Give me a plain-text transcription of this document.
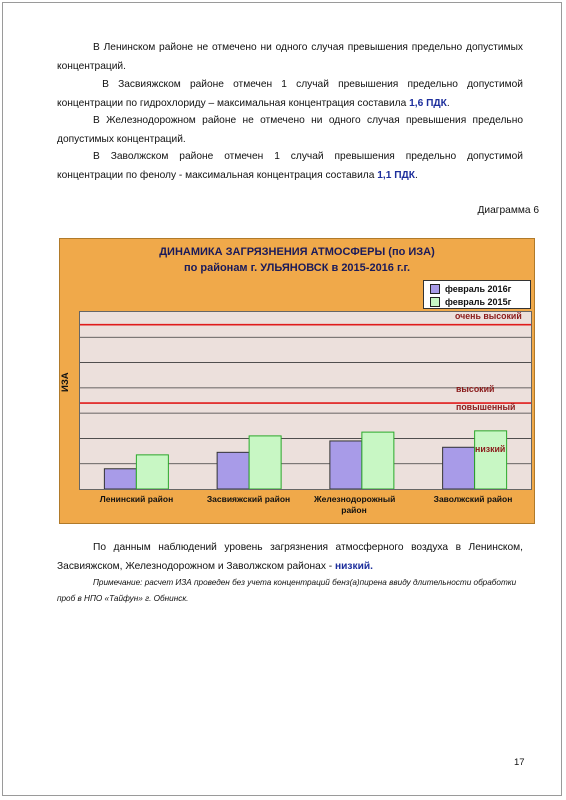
В Ленинском районе не отмечено ни одного случая превышения предельно допустимых концентраций.

В Засвияжском районе отмечен 1 случай превышения предельно допустимой концентрации по гидрохлориду – максимальная концентрация составила 1,6 ПДК.

В Железнодорожном районе не отмечено ни одного случая превышения предельно допустимых концентраций.

В Заволжском районе отмечен 1 случай превышения предельно допустимой концентрации по фенолу - максимальная концентрация составила 1,1 ПДК.

Диаграмма 6
ДИНАМИКА ЗАГРЯЗНЕНИЯ АТМОСФЕРЫ (по ИЗА)
по районам г. УЛЬЯНОВСК в 2015-2016 г.г.
февраль 2016г
февраль 2015г
ИЗА
Ленинский район	Засвияжский район	Железнодорожный район
Заволжский район
очень высокий
высокий
повышенный
низкий

По данным наблюдений уровень загрязнения атмосферного воздуха в Ленинском, Засвияжском, Железнодорожном и Заволжском районах - низкий.

Примечание: расчет ИЗА проведен без учета концентраций бенз(а)пирена ввиду длительности обработки проб в НПО «Тайфун» г. Обнинск.

17
